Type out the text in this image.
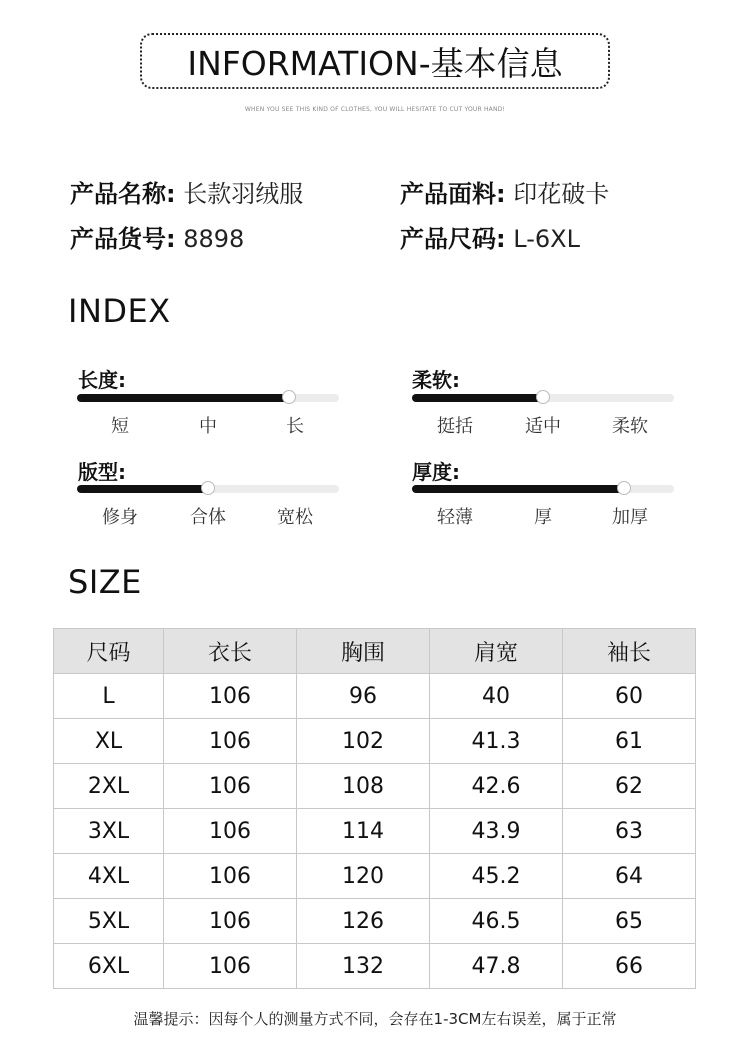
INFORMATION-基本信息
WHEN YOU SEE THIS KIND OF CLOTHES, YOU WILL HESITATE TO CUT YOUR HAND!
产品名称: 长款羽绒服	产品面料: 印花破卡
产品货号: 8898	产品尺码: L-6XL
INDEX
长度:
短	中	长
柔软:
挺括	适中	柔软
版型:
修身	合体	宽松
厚度:
轻薄	厚	加厚
SIZE
尺码	衣长	胸围	肩宽	袖长
L	106	96	40	60
XL	106	102	41.3	61
2XL	106	108	42.6	62
3XL	106	114	43.9	63
4XL	106	120	45.2	64
5XL	106	126	46.5	65
6XL	106	132	47.8	66
温馨提示：因每个人的测量方式不同，会存在1-3CM左右误差，属于正常
